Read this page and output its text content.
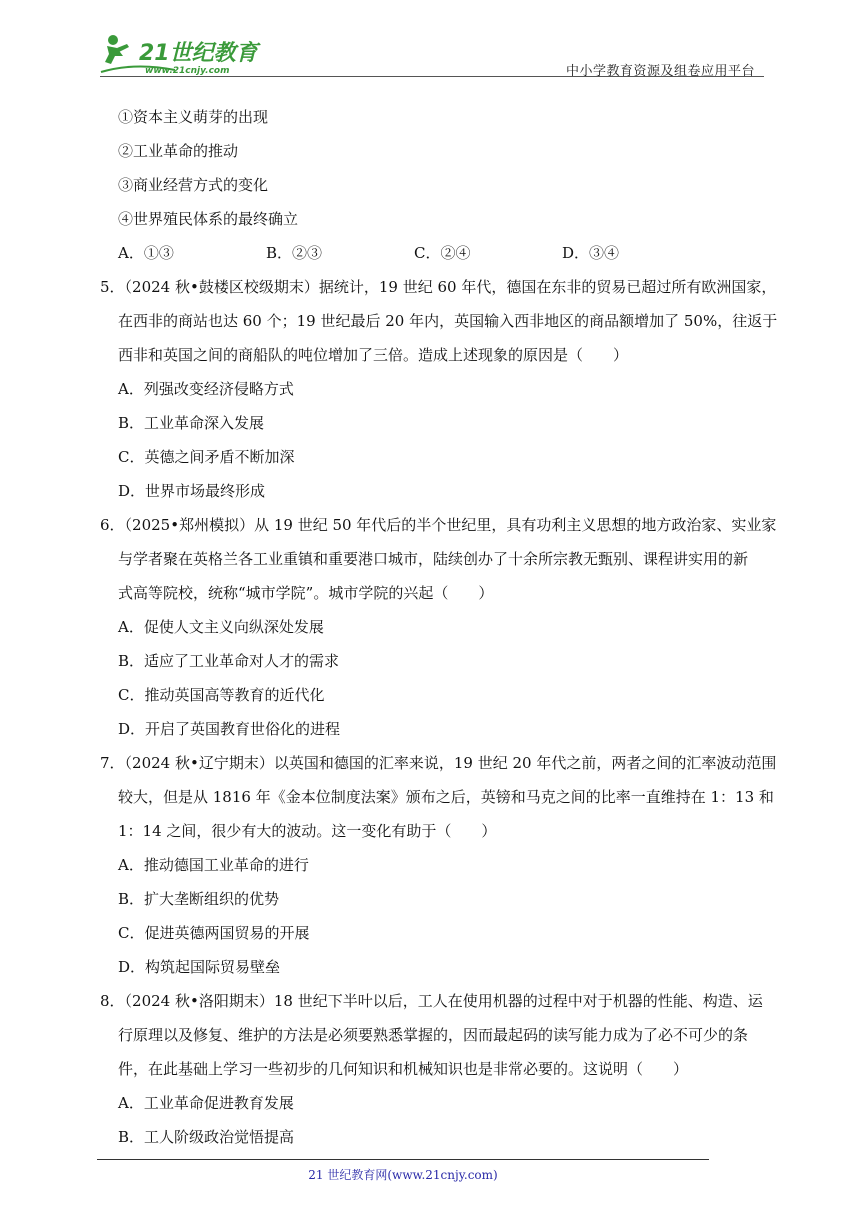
21世纪教育
www.21cnjy.com	中小学教育资源及组卷应用平台
①资本主义萌芽的出现
②工业革命的推动
③商业经营方式的变化
④世界殖民体系的最终确立
A．①③	B．②③	C．②④	D．③④
5．（2024 秋•鼓楼区校级期末）据统计，19 世纪 60 年代，德国在东非的贸易已超过所有欧洲国家，
在西非的商站也达 60 个；19 世纪最后 20 年内，英国输入西非地区的商品额增加了 50%，往返于
西非和英国之间的商船队的吨位增加了三倍。造成上述现象的原因是（　　）
A．列强改变经济侵略方式
B．工业革命深入发展
C．英德之间矛盾不断加深
D．世界市场最终形成
6．（2025•郑州模拟）从 19 世纪 50 年代后的半个世纪里，具有功利主义思想的地方政治家、实业家
与学者聚在英格兰各工业重镇和重要港口城市，陆续创办了十余所宗教无甄别、课程讲实用的新
式高等院校，统称“城市学院”。城市学院的兴起（　　）
A．促使人文主义向纵深处发展
B．适应了工业革命对人才的需求
C．推动英国高等教育的近代化
D．开启了英国教育世俗化的进程
7．（2024 秋•辽宁期末）以英国和德国的汇率来说，19 世纪 20 年代之前，两者之间的汇率波动范围
较大，但是从 1816 年《金本位制度法案》颁布之后，英镑和马克之间的比率一直维持在 1：13 和
1：14 之间，很少有大的波动。这一变化有助于（　　）
A．推动德国工业革命的进行
B．扩大垄断组织的优势
C．促进英德两国贸易的开展
D．构筑起国际贸易壁垒
8．（2024 秋•洛阳期末）18 世纪下半叶以后，工人在使用机器的过程中对于机器的性能、构造、运
行原理以及修复、维护的方法是必须要熟悉掌握的，因而最起码的读写能力成为了必不可少的条
件，在此基础上学习一些初步的几何知识和机械知识也是非常必要的。这说明（　　）
A．工业革命促进教育发展
B．工人阶级政治觉悟提高
21 世纪教育网(www.21cnjy.com)
